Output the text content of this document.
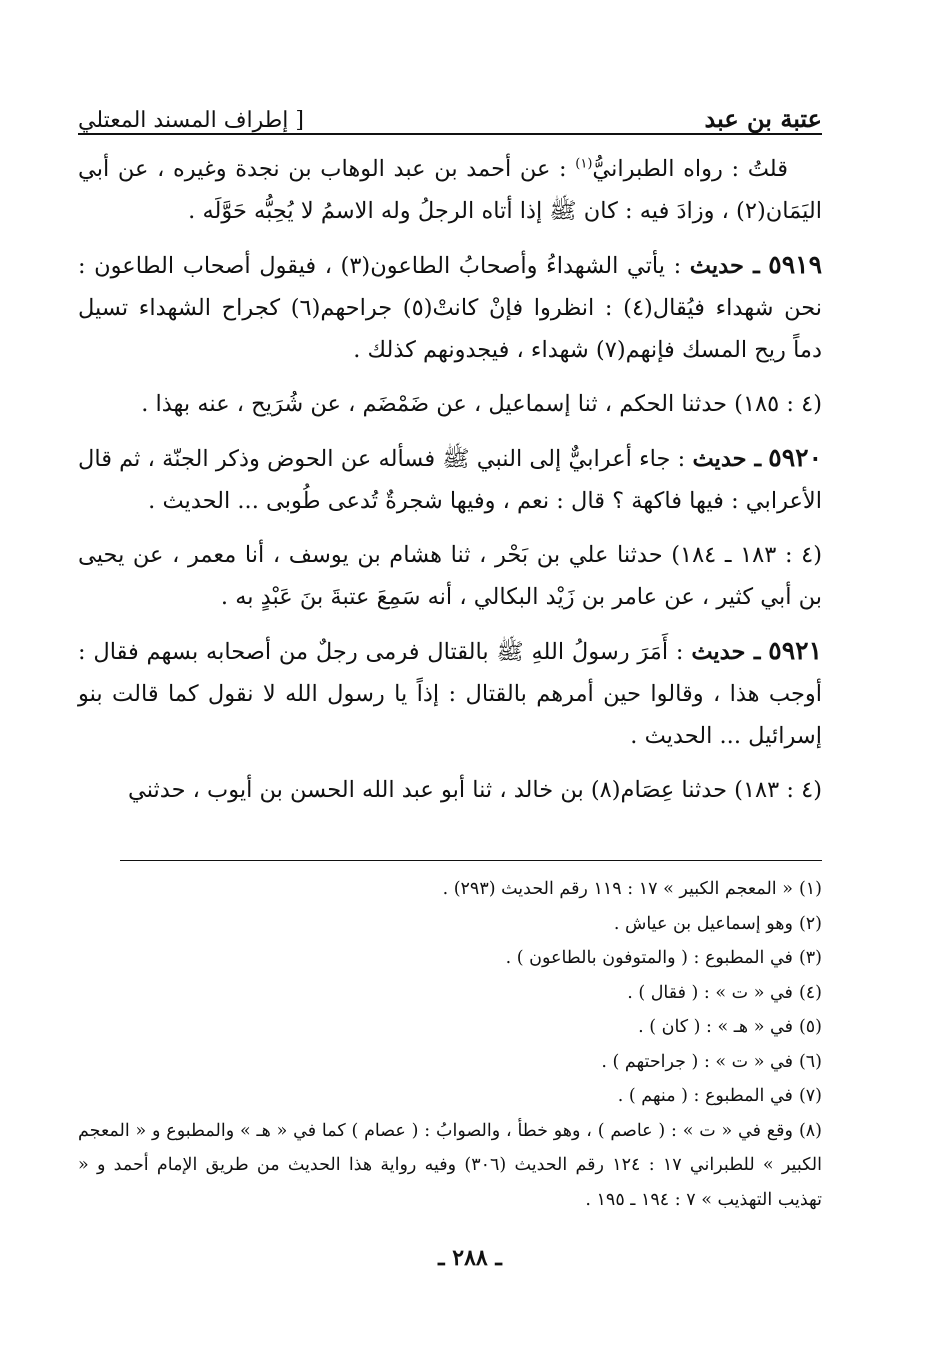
عتبة بن عبد
[ إطراف المسند المعتلي

قلتُ : رواه الطبرانيُّ$^{(١)}$ : عن أحمد بن عبد الوهاب بن نجدة وغيره ، عن أبي اليَمَان(٢) ، وزادَ فيه : كان ﷺ إذا أتاه الرجلُ وله الاسمُ لا يُحِبُّه حَوَّلَه .

٥٩١٩ ـ حديث : يأتي الشهداءُ وأصحابُ الطاعون(٣) ، فيقول أصحاب الطاعون : نحن شهداء فيُقال(٤) : انظروا فإنْ كانتْ(٥) جراحهم(٦) كجراح الشهداء تسيل دماً ريح المسك فإنهم(٧) شهداء ، فيجدونهم كذلك .

(٤ : ١٨٥) حدثنا الحكم ، ثنا إسماعيل ، عن ضَمْضَم ، عن شُرَيح ، عنه بهذا .

٥٩٢٠ ـ حديث : جاء أعرابيٌّ إلى النبي ﷺ فسأله عن الحوض وذكر الجنّة ، ثم قال الأعرابي : فيها فاكهة ؟ قال : نعم ، وفيها شجرةٌ تُدعى طُوبى ... الحديث .

(٤ : ١٨٣ ـ ١٨٤) حدثنا علي بن بَحْر ، ثنا هشام بن يوسف ، أنا معمر ، عن يحيى بن أبي كثير ، عن عامر بن زَيْد البكالي ، أنه سَمِعَ عتبةَ بنَ عَبْدٍ به .

٥٩٢١ ـ حديث : أَمَرَ رسولُ اللهِ ﷺ بالقتال فرمى رجلٌ من أصحابه بسهم فقال : أوجب هذا ، وقالوا حين أمرهم بالقتال : إذاً يا رسول الله لا نقول كما قالت بنو إسرائيل ... الحديث .

(٤ : ١٨٣) حدثنا عِصَام(٨) بن خالد ، ثنا أبو عبد الله الحسن بن أيوب ، حدثني

(١)« المعجم الكبير » ١٧ : ١١٩ رقم الحديث (٢٩٣) .

(٢)وهو إسماعيل بن عياش .

(٣)في المطبوع : ( والمتوفون بالطاعون ) .

(٤)في « ت » : ( فقال ) .

(٥)في « هـ » : ( كان ) .

(٦)في « ت » : ( جراحتهم ) .

(٧)في المطبوع : ( منهم ) .

(٨)وقع في « ت » : ( عاصم ) ، وهو خطأ ، والصوابُ : ( عصام ) كما في « هـ » والمطبوع و « المعجم الكبير » للطبراني ١٧ : ١٢٤ رقم الحديث (٣٠٦) وفيه رواية هذا الحديث من طريق الإمام أحمد و « تهذيب التهذيب » ٧ : ١٩٤ ـ ١٩٥ .

ـ ٢٨٨ ـ
